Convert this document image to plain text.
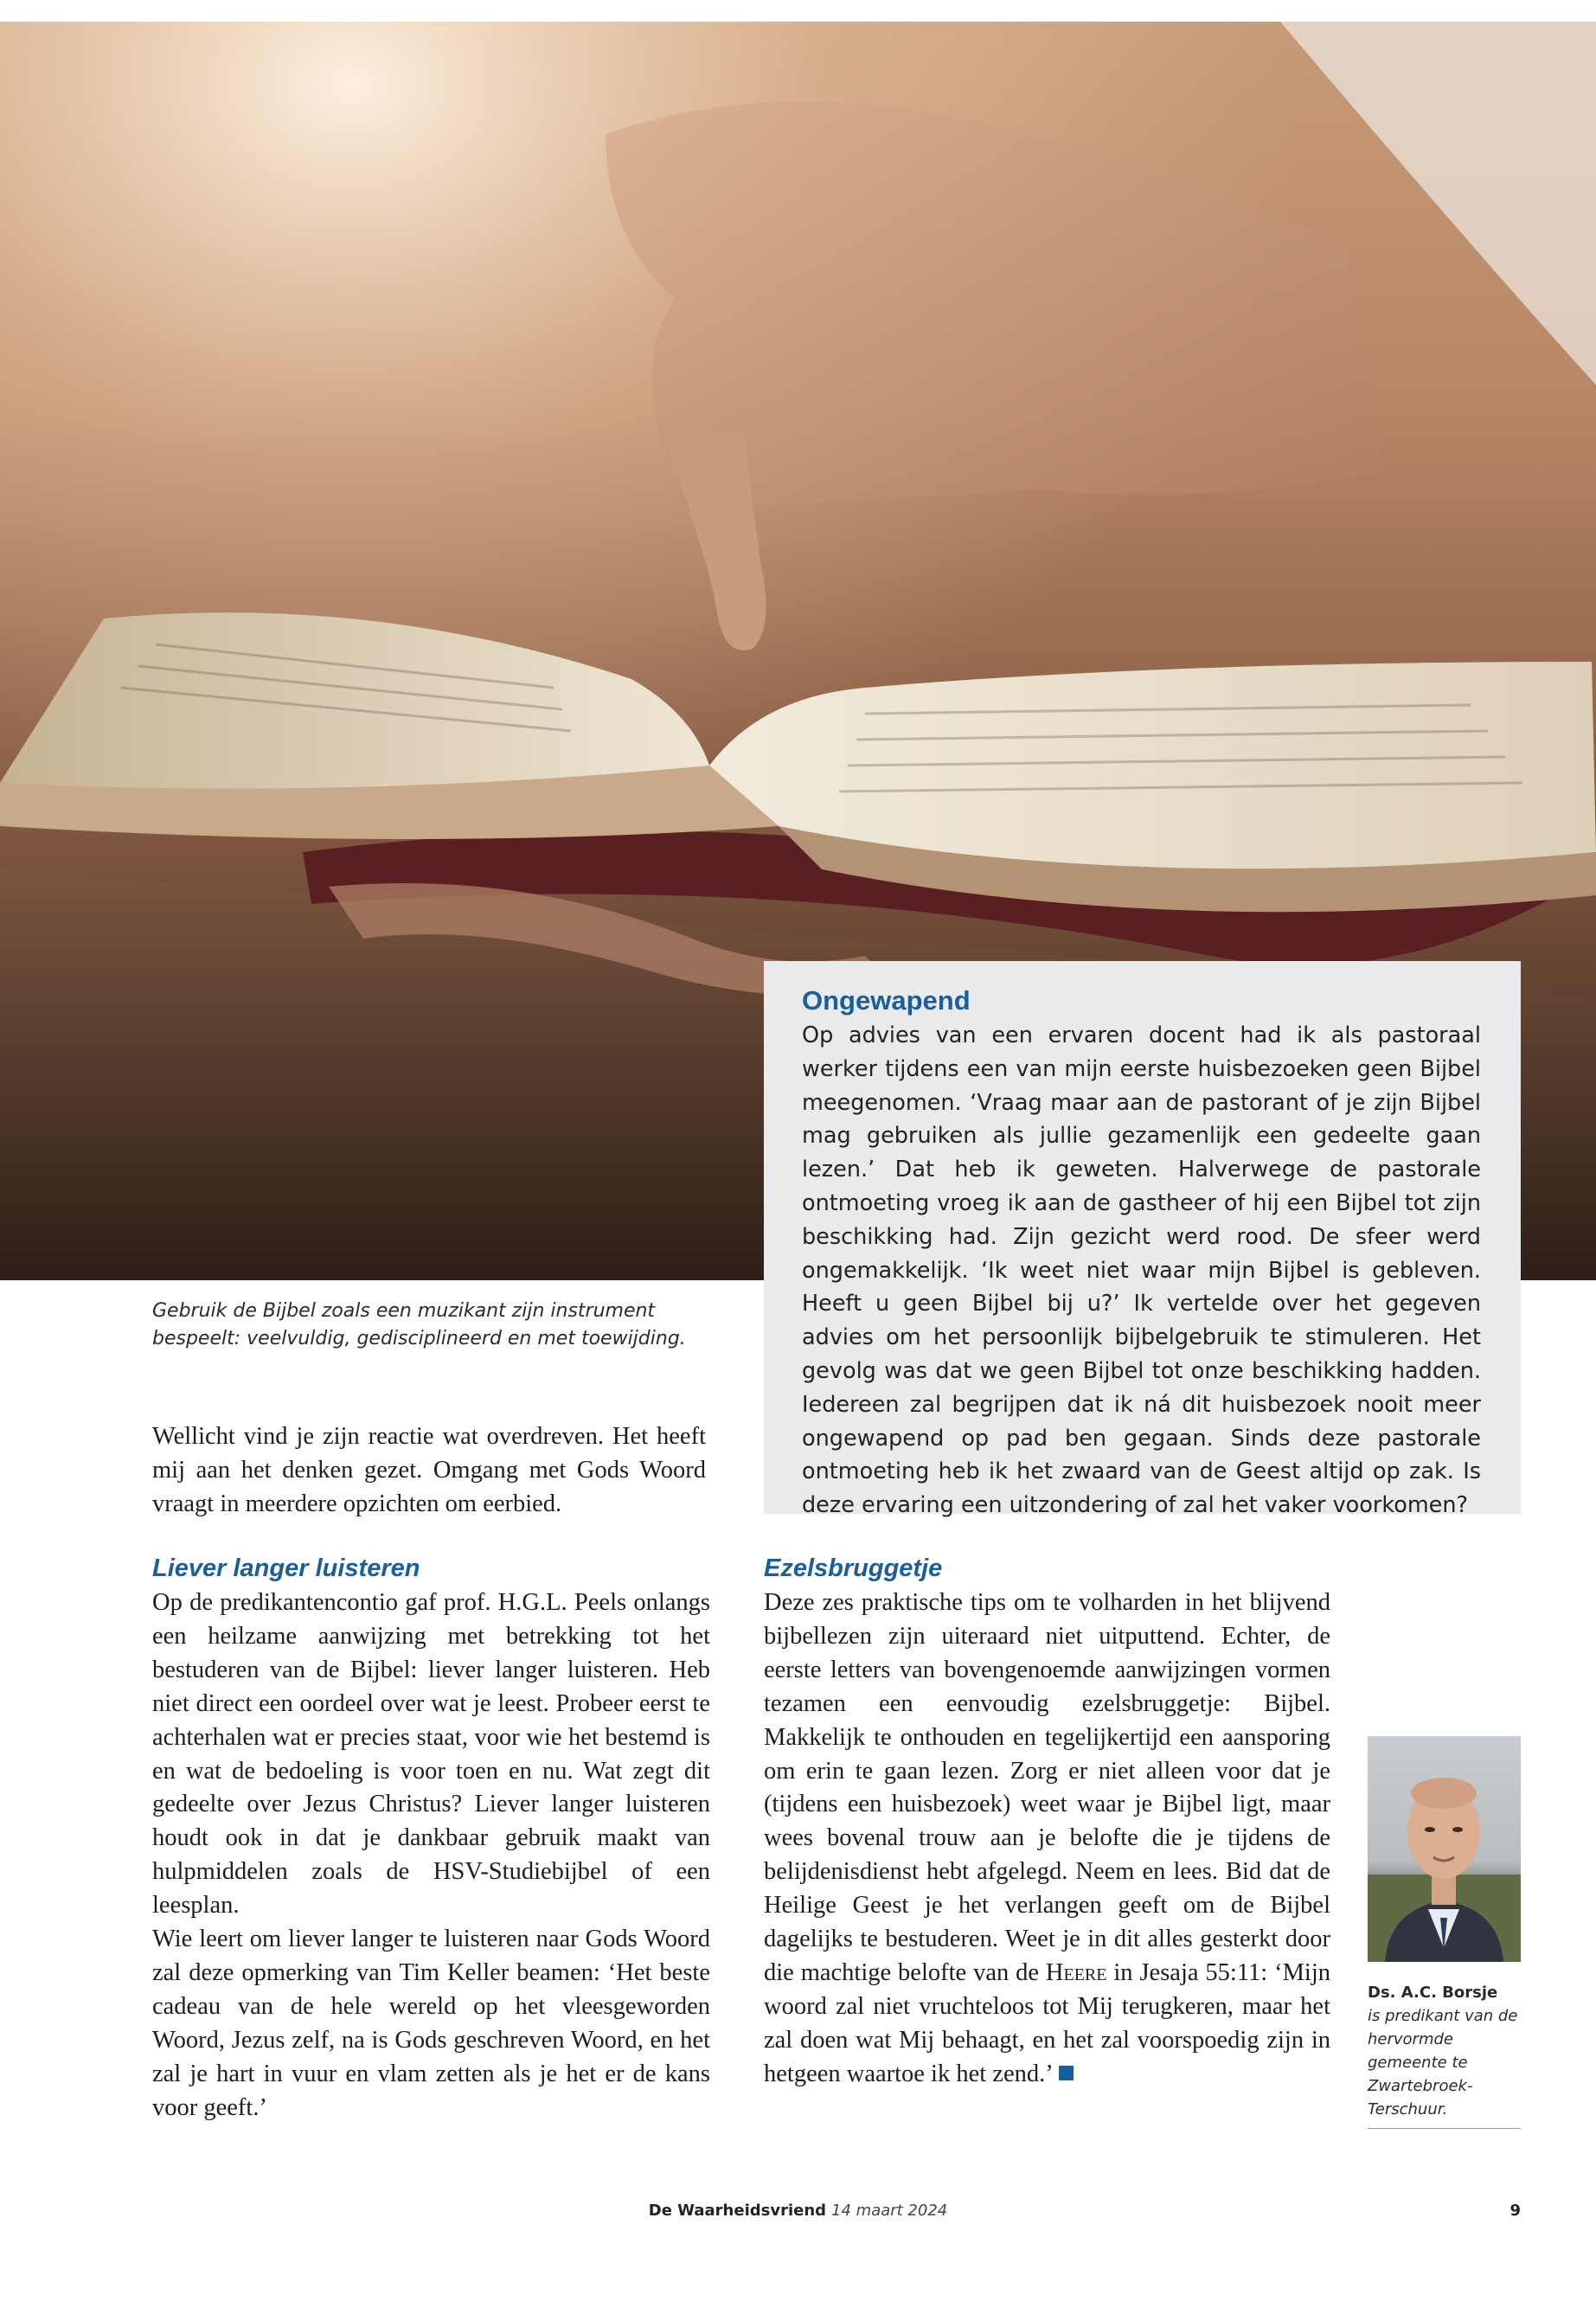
Ongewapend

Op advies van een ervaren docent had ik als pastoraal werker tijdens een van mijn eerste huisbezoeken geen Bijbel meegenomen. ‘Vraag maar aan de pastorant of je zijn Bijbel mag gebruiken als jullie gezamenlijk een gedeelte gaan lezen.’ Dat heb ik geweten. Halverwege de pastorale ontmoeting vroeg ik aan de gastheer of hij een Bijbel tot zijn beschikking had. Zijn gezicht werd rood. De sfeer werd ongemakkelijk. ‘Ik weet niet waar mijn Bijbel is gebleven. Heeft u geen Bijbel bij u?’ Ik vertelde over het gegeven advies om het persoonlijk bijbelgebruik te stimuleren. Het gevolg was dat we geen Bijbel tot onze beschikking hadden. Iedereen zal begrijpen dat ik ná dit huisbezoek nooit meer ongewapend op pad ben gegaan. Sinds deze pastorale ontmoeting heb ik het zwaard van de Geest altijd op zak. Is deze ervaring een uitzondering of zal het vaker voorkomen?

Gebruik de Bijbel zoals een muzikant zijn instrument bespeelt: veelvuldig, gedisciplineerd en met toewijding.

Wellicht vind je zijn reactie wat overdreven. Het heeft mij aan het denken gezet. Omgang met Gods Woord vraagt in meerdere opzichten om eerbied.

Liever langer luisteren

Op de predikantencontio gaf prof. H.G.L. Peels onlangs een heilzame aanwijzing met betrekking tot het bestuderen van de Bijbel: liever langer luisteren. Heb niet direct een oordeel over wat je leest. Probeer eerst te achterhalen wat er precies staat, voor wie het bestemd is en wat de bedoeling is voor toen en nu. Wat zegt dit gedeelte over Jezus Christus? Liever langer luisteren houdt ook in dat je dankbaar gebruik maakt van hulpmiddelen zoals de HSV-Studiebijbel of een leesplan.

Wie leert om liever langer te luisteren naar Gods Woord zal deze opmerking van Tim Keller beamen: ‘Het beste cadeau van de hele wereld op het vleesgeworden Woord, Jezus zelf, na is Gods geschreven Woord, en het zal je hart in vuur en vlam zetten als je het er de kans voor geeft.’

Ezelsbruggetje

Deze zes praktische tips om te volharden in het blijvend bijbellezen zijn uiteraard niet uitputtend. Echter, de eerste letters van bovengenoemde aanwijzingen vormen tezamen een eenvoudig ezelsbruggetje: Bijbel. Makkelijk te onthouden en tegelijkertijd een aansporing om erin te gaan lezen. Zorg er niet alleen voor dat je (tijdens een huisbezoek) weet waar je Bijbel ligt, maar wees bovenal trouw aan je belofte die je tijdens de belijdenisdienst hebt afgelegd. Neem en lees. Bid dat de Heilige Geest je het verlangen geeft om de Bijbel dagelijks te bestuderen. Weet je in dit alles gesterkt door die machtige belofte van de Heere in Jesaja 55:11: ‘Mijn woord zal niet vruchteloos tot Mij terugkeren, maar het zal doen wat Mij behaagt, en het zal voorspoedig zijn in hetgeen waartoe ik het zend.’

Ds. A.C. Borsje
is predikant van de hervormde gemeente te Zwartebroek-Terschuur.
De Waarheidsvriend 14 maart 2024	9
